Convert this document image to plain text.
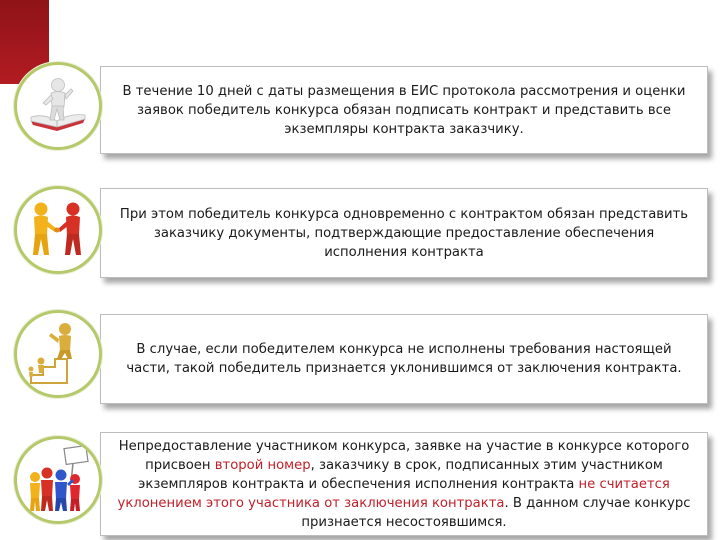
В течение 10 дней с даты размещения в ЕИС протокола рассмотрения и оценки заявок победитель конкурса обязан подписать контракт и представить все экземпляры контракта заказчику.

При этом победитель конкурса одновременно с контрактом обязан представить заказчику документы, подтверждающие предоставление обеспечения исполнения контракта

В случае, если победителем конкурса не исполнены требования настоящей части, такой победитель признается уклонившимся от заключения контракта.

Непредоставление участником конкурса, заявке на участие в конкурсе которого присвоен второй номер, заказчику в срок, подписанных этим участником экземпляров контракта и обеспечения исполнения контракта не считается уклонением этого участника от заключения контракта. В данном случае конкурс признается несостоявшимся.
